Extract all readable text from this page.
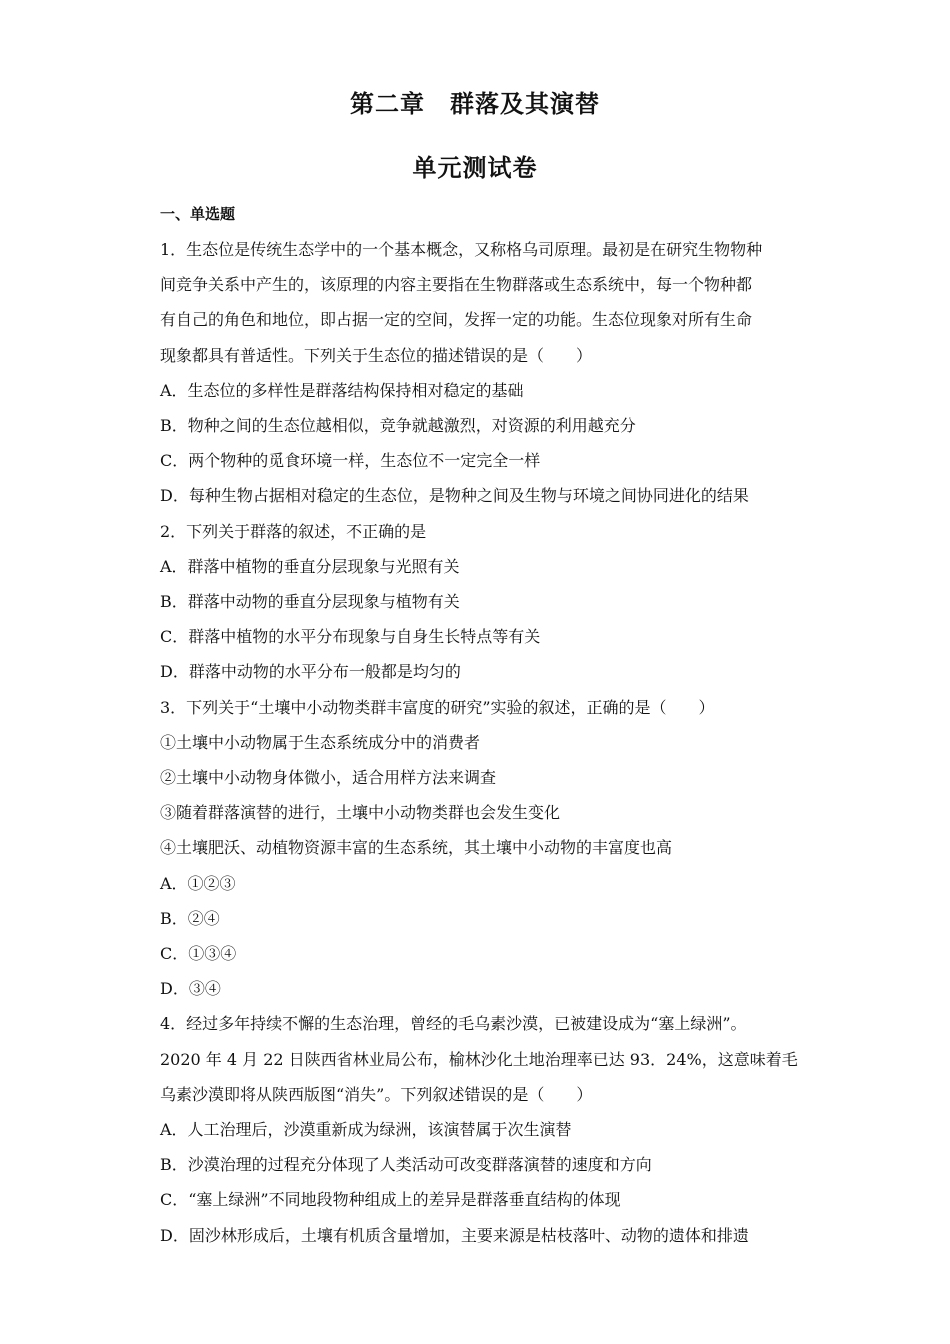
第二章　群落及其演替
单元测试卷
一、单选题

1．生态位是传统生态学中的一个基本概念，又称格乌司原理。最初是在研究生物物种

间竞争关系中产生的，该原理的内容主要指在生物群落或生态系统中，每一个物种都

有自己的角色和地位，即占据一定的空间，发挥一定的功能。生态位现象对所有生命

现象都具有普适性。下列关于生态位的描述错误的是（　　）

A．生态位的多样性是群落结构保持相对稳定的基础

B．物种之间的生态位越相似，竞争就越激烈，对资源的利用越充分

C．两个物种的觅食环境一样，生态位不一定完全一样

D．每种生物占据相对稳定的生态位，是物种之间及生物与环境之间协同进化的结果

2．下列关于群落的叙述，不正确的是

A．群落中植物的垂直分层现象与光照有关

B．群落中动物的垂直分层现象与植物有关

C．群落中植物的水平分布现象与自身生长特点等有关

D．群落中动物的水平分布一般都是均匀的

3．下列关于“土壤中小动物类群丰富度的研究”实验的叙述，正确的是（　　）

①土壤中小动物属于生态系统成分中的消费者

②土壤中小动物身体微小，适合用样方法来调查

③随着群落演替的进行，土壤中小动物类群也会发生变化

④土壤肥沃、动植物资源丰富的生态系统，其土壤中小动物的丰富度也高

A．①②③

B．②④

C．①③④

D．③④

4．经过多年持续不懈的生态治理，曾经的毛乌素沙漠，已被建设成为“塞上绿洲”。

2020 年 4 月 22 日陕西省林业局公布，榆林沙化土地治理率已达 93．24%，这意味着毛

乌素沙漠即将从陕西版图“消失”。下列叙述错误的是（　　）

A．人工治理后，沙漠重新成为绿洲，该演替属于次生演替

B．沙漠治理的过程充分体现了人类活动可改变群落演替的速度和方向

C．“塞上绿洲”不同地段物种组成上的差异是群落垂直结构的体现

D．固沙林形成后，土壤有机质含量增加，主要来源是枯枝落叶、动物的遗体和排遗
